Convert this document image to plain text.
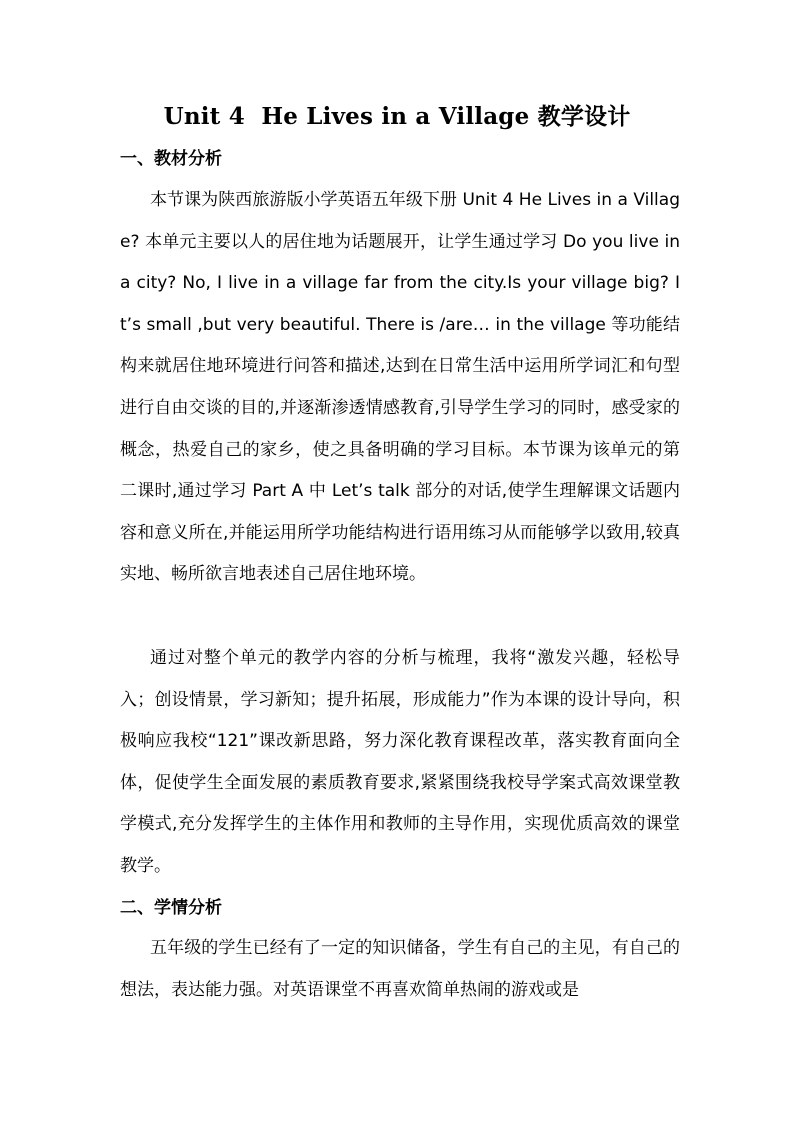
Unit 4  He Lives in a Village 教学设计
一、教材分析

本节课为陕西旅游版小学英语五年级下册 Unit 4 He Lives in a Village? 本单元主要以人的居住地为话题展开，让学生通过学习 Do you live in a city? No, I live in a village far from the city.Is your village big? It’s small ,but very beautiful. There is /are… in the village 等功能结构来就居住地环境进行问答和描述,达到在日常生活中运用所学词汇和句型进行自由交谈的目的,并逐渐渗透情感教育,引导学生学习的同时，感受家的概念，热爱自己的家乡，使之具备明确的学习目标。本节课为该单元的第二课时,通过学习 Part A 中 Let’s talk 部分的对话,使学生理解课文话题内容和意义所在,并能运用所学功能结构进行语用练习从而能够学以致用,较真实地、畅所欲言地表述自己居住地环境。

通过对整个单元的教学内容的分析与梳理，我将“激发兴趣，轻松导入；创设情景，学习新知；提升拓展，形成能力”作为本课的设计导向，积极响应我校“121”课改新思路，努力深化教育课程改革，落实教育面向全体，促使学生全面发展的素质教育要求,紧紧围绕我校导学案式高效课堂教学模式,充分发挥学生的主体作用和教师的主导作用，实现优质高效的课堂教学。

二、学情分析

五年级的学生已经有了一定的知识储备，学生有自己的主见，有自己的想法，表达能力强。对英语课堂不再喜欢简单热闹的游戏或是
